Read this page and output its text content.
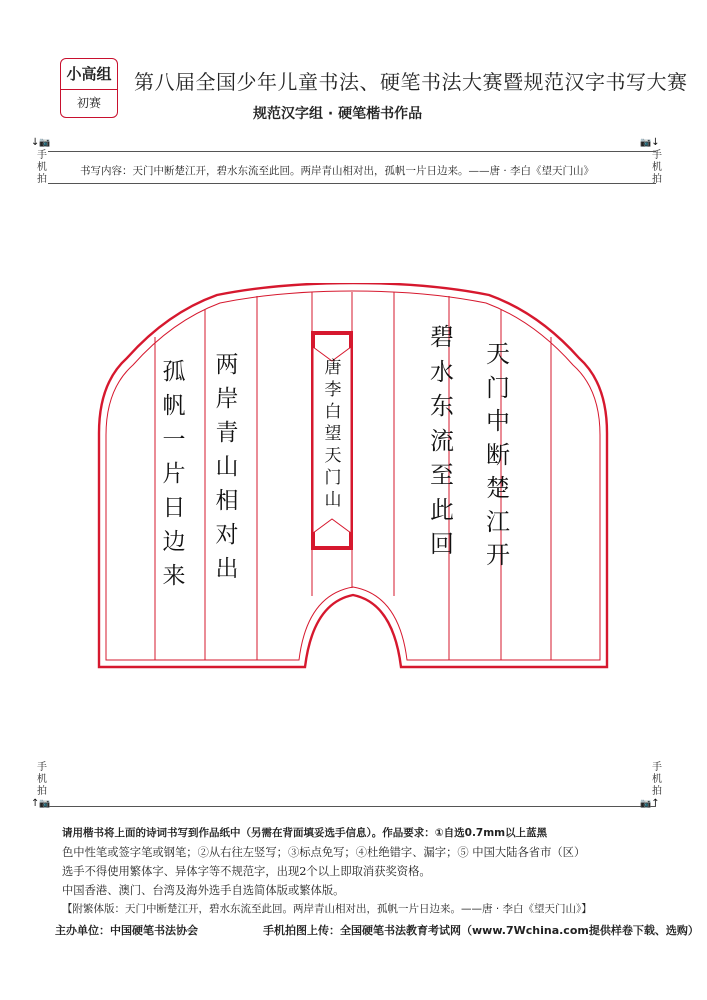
小高组
初赛
第八届全国少年儿童书法、硬笔书法大赛暨规范汉字书写大赛
规范汉字组 · 硬笔楷书作品
↓📷
手
机
拍
📷↓
手
机
拍
书写内容：天门中断楚江开，碧水东流至此回。两岸青山相对出，孤帆一片日边来。——唐 · 李白《望天门山》
天
门
中
断
楚
江
开
碧
水
东
流
至
此
回
唐
李
白
望
天
门
山
两
岸
青
山
相
对
出
孤
帆
一
片
日
边
来
手
机
拍
↑📷
手
机
拍
📷↑

请用楷书将上面的诗词书写到作品纸中（另需在背面填妥选手信息）。作品要求：①自选0.7mm以上蓝黑

色中性笔或签字笔或钢笔；②从右往左竖写；③标点免写；④杜绝错字、漏字；⑤ 中国大陆各省市（区）

选手不得使用繁体字、异体字等不规范字，出现2个以上即取消获奖资格。

中国香港、澳门、台湾及海外选手自选简体版或繁体版。

【附繁体版：天门中断楚江开，碧水东流至此回。两岸青山相对出，孤帆一片日边来。——唐 · 李白《望天门山》】

主办单位：中国硬笔书法协会	手机拍图上传：全国硬笔书法教育考试网（www.7Wchina.com提供样卷下载、选购）
